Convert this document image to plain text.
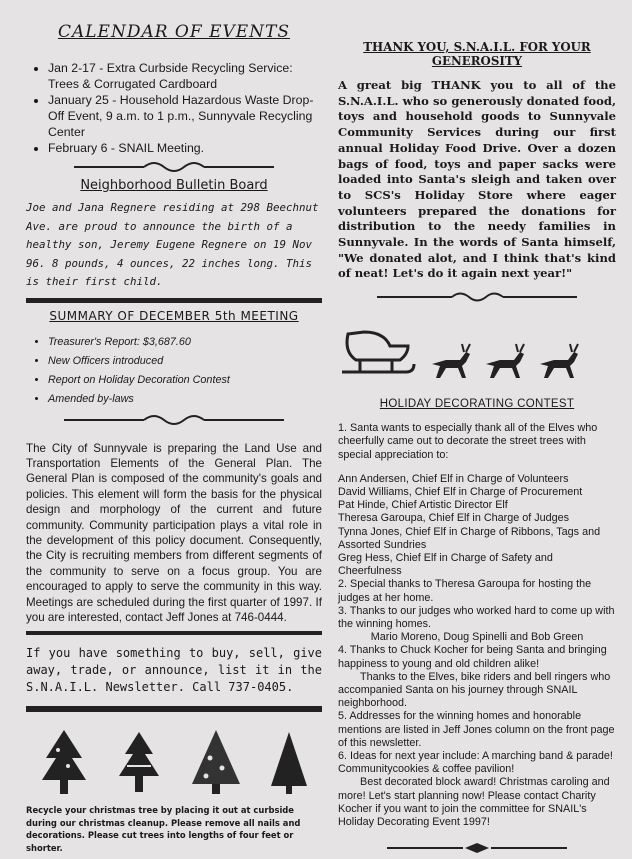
CALENDAR OF EVENTS
• Jan 2-17 - Extra Curbside Recycling Service: Trees & Corrugated Cardboard
• January 25 - Household Hazardous Waste Drop-Off Event, 9 a.m. to 1 p.m., Sunnyvale Recycling Center
• February 6 - SNAIL Meeting.
Neighborhood Bulletin Board
Joe and Jana Regnere residing at 298 Beechnut Ave. are proud to announce the birth of a healthy son, Jeremy Eugene Regnere on 19 Nov 96. 8 pounds, 4 ounces, 22 inches long. This is their first child.
SUMMARY OF DECEMBER 5th MEETING
• Treasurer's Report: $3,687.60
• New Officers introduced
• Report on Holiday Decoration Contest
• Amended by-laws
The City of Sunnyvale is preparing the Land Use and Transportation Elements of the General Plan. The General Plan is composed of the community's goals and policies. This element will form the basis for the physical design and morphology of the current and future community. Community participation plays a vital role in the development of this policy document. Consequently, the City is recruiting members from different segments of the community to serve on a focus group. You are encouraged to apply to serve the community in this way. Meetings are scheduled during the first quarter of 1997. If you are interested, contact Jeff Jones at 746-0444.
If you have something to buy, sell, give away, trade, or announce, list it in the S.N.A.I.L. Newsletter. Call 737-0405.
Recycle your christmas tree by placing it out at curbside during our christmas cleanup. Please remove all nails and decorations. Please cut trees into lengths of four feet or shorter.
THANK YOU, S.N.A.I.L. FOR YOUR GENEROSITY
A great big THANK you to all of the S.N.A.I.L. who so generously donated food, toys and household goods to Sunnyvale Community Services during our first annual Holiday Food Drive. Over a dozen bags of food, toys and paper sacks were loaded into Santa's sleigh and taken over to SCS's Holiday Store where eager volunteers prepared the donations for distribution to the needy families in Sunnyvale. In the words of Santa himself, "We donated alot, and I think that's kind of neat! Let's do it again next year!"
HOLIDAY DECORATING CONTEST

1. Santa wants to especially thank all of the Elves who cheerfully came out to decorate the street trees with special appreciation to:

Ann Andersen, Chief Elf in Charge of Volunteers

David Williams, Chief Elf in Charge of Procurement

Pat Hinde, Chief Artistic Director Elf

Theresa Garoupa, Chief Elf in Charge of Judges

Tynna Jones, Chief Elf in Charge of Ribbons, Tags and Assorted Sundries

Greg Hess, Chief Elf in Charge of Safety and Cheerfulness

2. Special thanks to Theresa Garoupa for hosting the judges at her home.

3. Thanks to our judges who worked hard to come up with the winning homes.

Mario Moreno, Doug Spinelli and Bob Green

4. Thanks to Chuck Kocher for being Santa and bringing happiness to young and old children alike!

Thanks to the Elves, bike riders and bell ringers who accompanied Santa on his journey through SNAIL neighborhood.

5. Addresses for the winning homes and honorable mentions are listed in Jeff Jones column on the front page of this newsletter.

6. Ideas for next year include: A marching band & parade! Communitycookies & coffee pavilion!

Best decorated block award! Christmas caroling and more! Let's start planning now! Please contact Charity Kocher if you want to join the committee for SNAIL's Holiday Decorating Event 1997!
